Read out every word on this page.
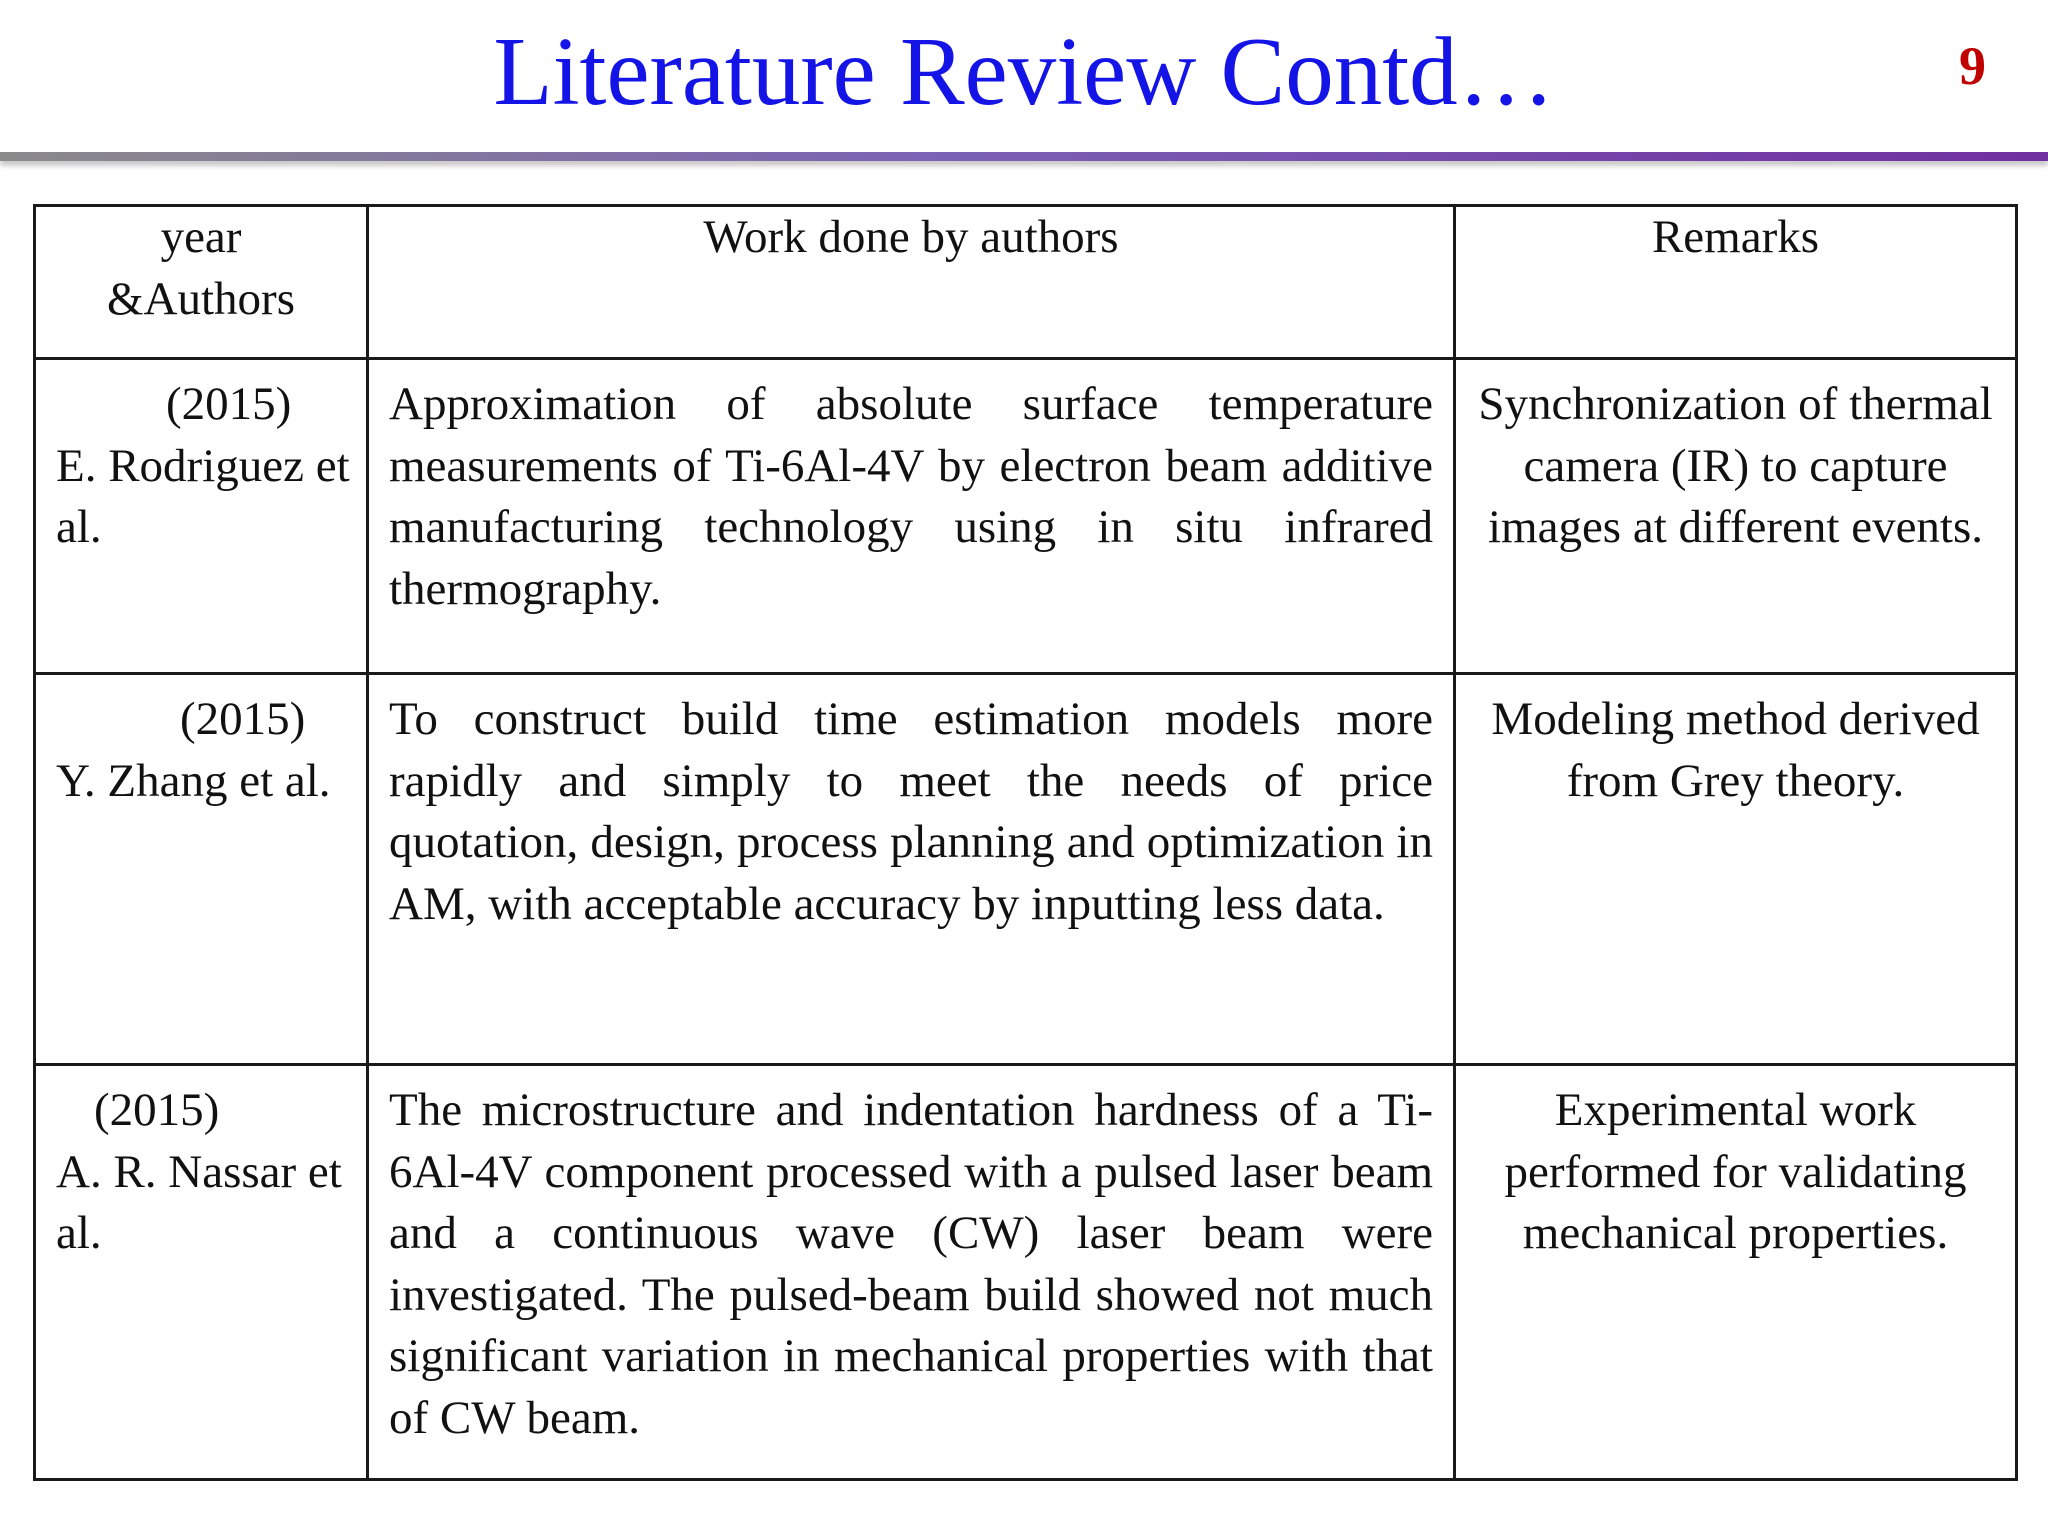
Literature Review Contd…	9
year &Authors	Work done by authors	Remarks

(2015)
E. Rodriguez et al.	Approximation of absolute surface temperature measurements of Ti-6Al-4V by electron beam additive manufacturing technology using in situ infrared thermography.	Synchronization of thermal camera (IR) to capture images at different events.

(2015)
Y. Zhang et al.	To construct build time estimation models more rapidly and simply to meet the needs of price quotation, design, process planning and optimization in AM, with acceptable accuracy by inputting less data.	Modeling method derived from Grey theory.

(2015)
A. R. Nassar et al.	The microstructure and indentation hardness of a Ti-6Al-4V component processed with a pulsed laser beam and a continuous wave (CW) laser beam were investigated. The pulsed-beam build showed not much significant variation in mechanical properties with that of CW beam.	Experimental work performed for validating mechanical properties.
